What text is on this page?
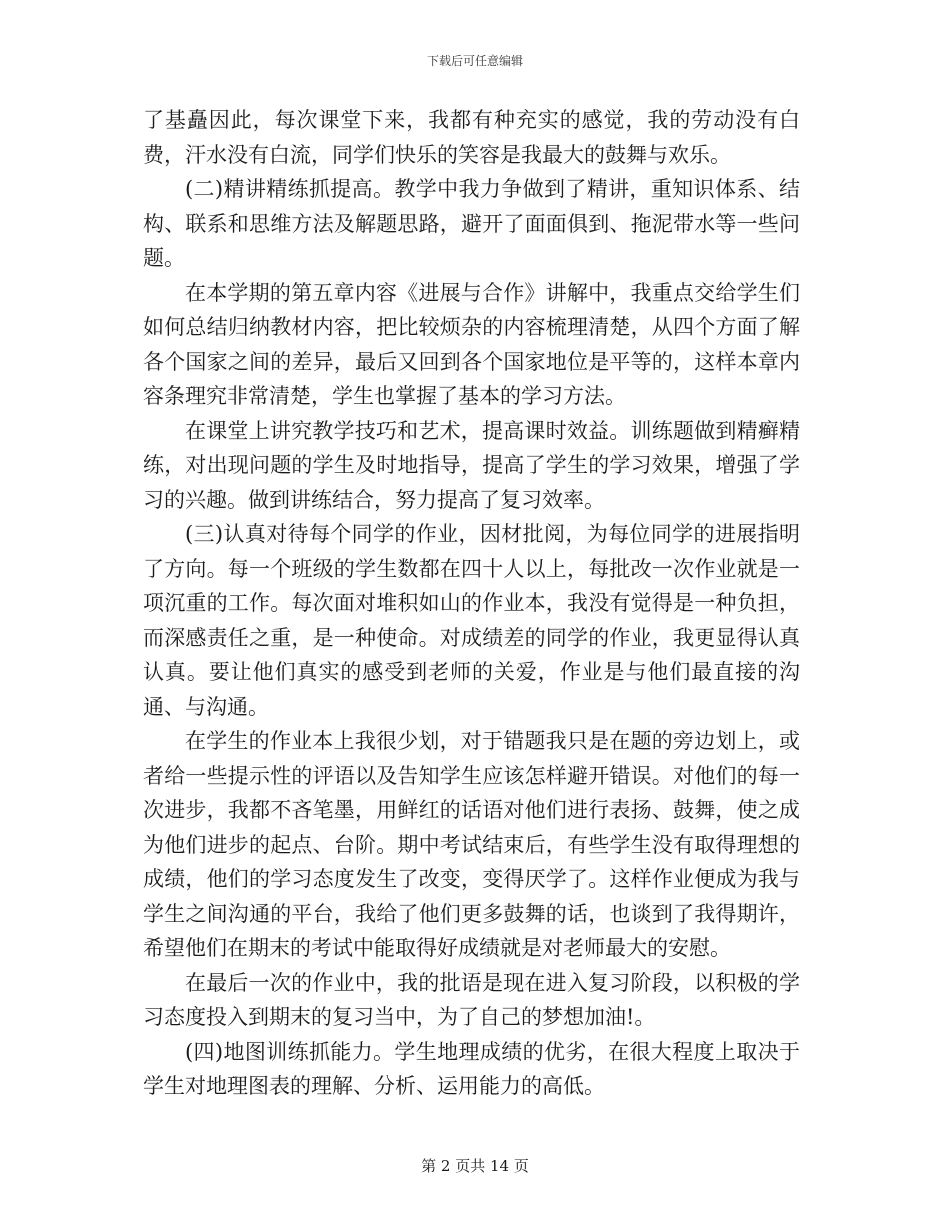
下载后可任意编辑

了基矗因此，每次课堂下来，我都有种充实的感觉，我的劳动没有白费，汗水没有白流，同学们快乐的笑容是我最大的鼓舞与欢乐。

(二)精讲精练抓提高。教学中我力争做到了精讲，重知识体系、结构、联系和思维方法及解题思路，避开了面面俱到、拖泥带水等一些问题。

在本学期的第五章内容《进展与合作》讲解中，我重点交给学生们如何总结归纳教材内容，把比较烦杂的内容梳理清楚，从四个方面了解各个国家之间的差异，最后又回到各个国家地位是平等的，这样本章内容条理究非常清楚，学生也掌握了基本的学习方法。

在课堂上讲究教学技巧和艺术，提高课时效益。训练题做到精癣精练，对出现问题的学生及时地指导，提高了学生的学习效果，增强了学习的兴趣。做到讲练结合，努力提高了复习效率。

(三)认真对待每个同学的作业，因材批阅，为每位同学的进展指明了方向。每一个班级的学生数都在四十人以上，每批改一次作业就是一项沉重的工作。每次面对堆积如山的作业本，我没有觉得是一种负担，而深感责任之重，是一种使命。对成绩差的同学的作业，我更显得认真认真。要让他们真实的感受到老师的关爱，作业是与他们最直接的沟通、与沟通。

在学生的作业本上我很少划，对于错题我只是在题的旁边划上，或者给一些提示性的评语以及告知学生应该怎样避开错误。对他们的每一次进步，我都不吝笔墨，用鲜红的话语对他们进行表扬、鼓舞，使之成为他们进步的起点、台阶。期中考试结束后，有些学生没有取得理想的成绩，他们的学习态度发生了改变，变得厌学了。这样作业便成为我与学生之间沟通的平台，我给了他们更多鼓舞的话，也谈到了我得期许，希望他们在期末的考试中能取得好成绩就是对老师最大的安慰。

在最后一次的作业中，我的批语是现在进入复习阶段，以积极的学习态度投入到期末的复习当中，为了自己的梦想加油!。

(四)地图训练抓能力。学生地理成绩的优劣，在很大程度上取决于学生对地理图表的理解、分析、运用能力的高低。

第 2 页共 14 页
